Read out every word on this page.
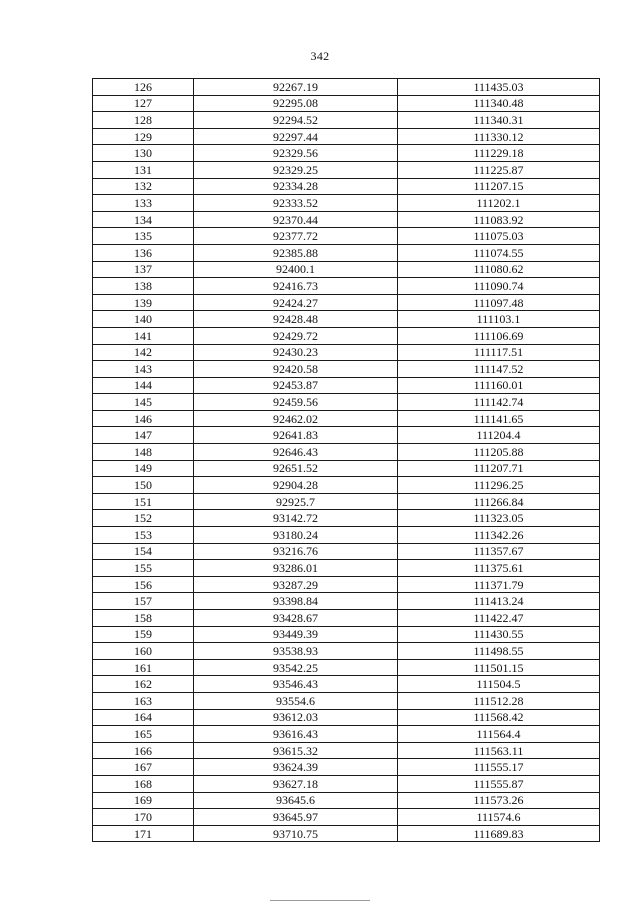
342
126	92267.19	111435.03
127	92295.08	111340.48
128	92294.52	111340.31
129	92297.44	111330.12
130	92329.56	111229.18
131	92329.25	111225.87
132	92334.28	111207.15
133	92333.52	111202.1
134	92370.44	111083.92
135	92377.72	111075.03
136	92385.88	111074.55
137	92400.1	111080.62
138	92416.73	111090.74
139	92424.27	111097.48
140	92428.48	111103.1
141	92429.72	111106.69
142	92430.23	111117.51
143	92420.58	111147.52
144	92453.87	111160.01
145	92459.56	111142.74
146	92462.02	111141.65
147	92641.83	111204.4
148	92646.43	111205.88
149	92651.52	111207.71
150	92904.28	111296.25
151	92925.7	111266.84
152	93142.72	111323.05
153	93180.24	111342.26
154	93216.76	111357.67
155	93286.01	111375.61
156	93287.29	111371.79
157	93398.84	111413.24
158	93428.67	111422.47
159	93449.39	111430.55
160	93538.93	111498.55
161	93542.25	111501.15
162	93546.43	111504.5
163	93554.6	111512.28
164	93612.03	111568.42
165	93616.43	111564.4
166	93615.32	111563.11
167	93624.39	111555.17
168	93627.18	111555.87
169	93645.6	111573.26
170	93645.97	111574.6
171	93710.75	111689.83
